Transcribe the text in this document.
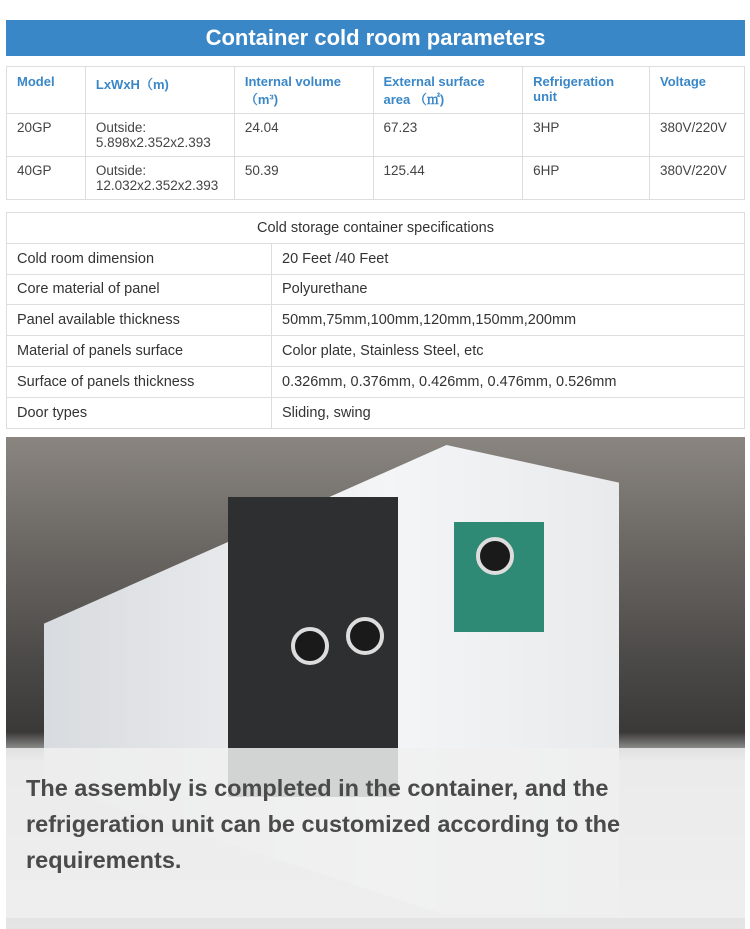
Container cold room parameters
Model	LxWxH（m)	Internal volume （m³)	External surface area （㎡)	Refrigeration unit	Voltage
20GP	Outside: 5.898x2.352x2.393	24.04	67.23	3HP	380V/220V
40GP	Outside: 12.032x2.352x2.393	50.39	125.44	6HP	380V/220V
Cold storage container specifications	
Cold room dimension	20 Feet /40 Feet
Core material of panel	Polyurethane
Panel available thickness	50mm,75mm,100mm,120mm,150mm,200mm
Material of panels surface	Color plate, Stainless Steel, etc
Surface of panels thickness	0.326mm, 0.376mm, 0.426mm, 0.476mm, 0.526mm
Door types	Sliding, swing
The assembly is completed in the container, and the refrigeration unit can be customized according to the requirements.
